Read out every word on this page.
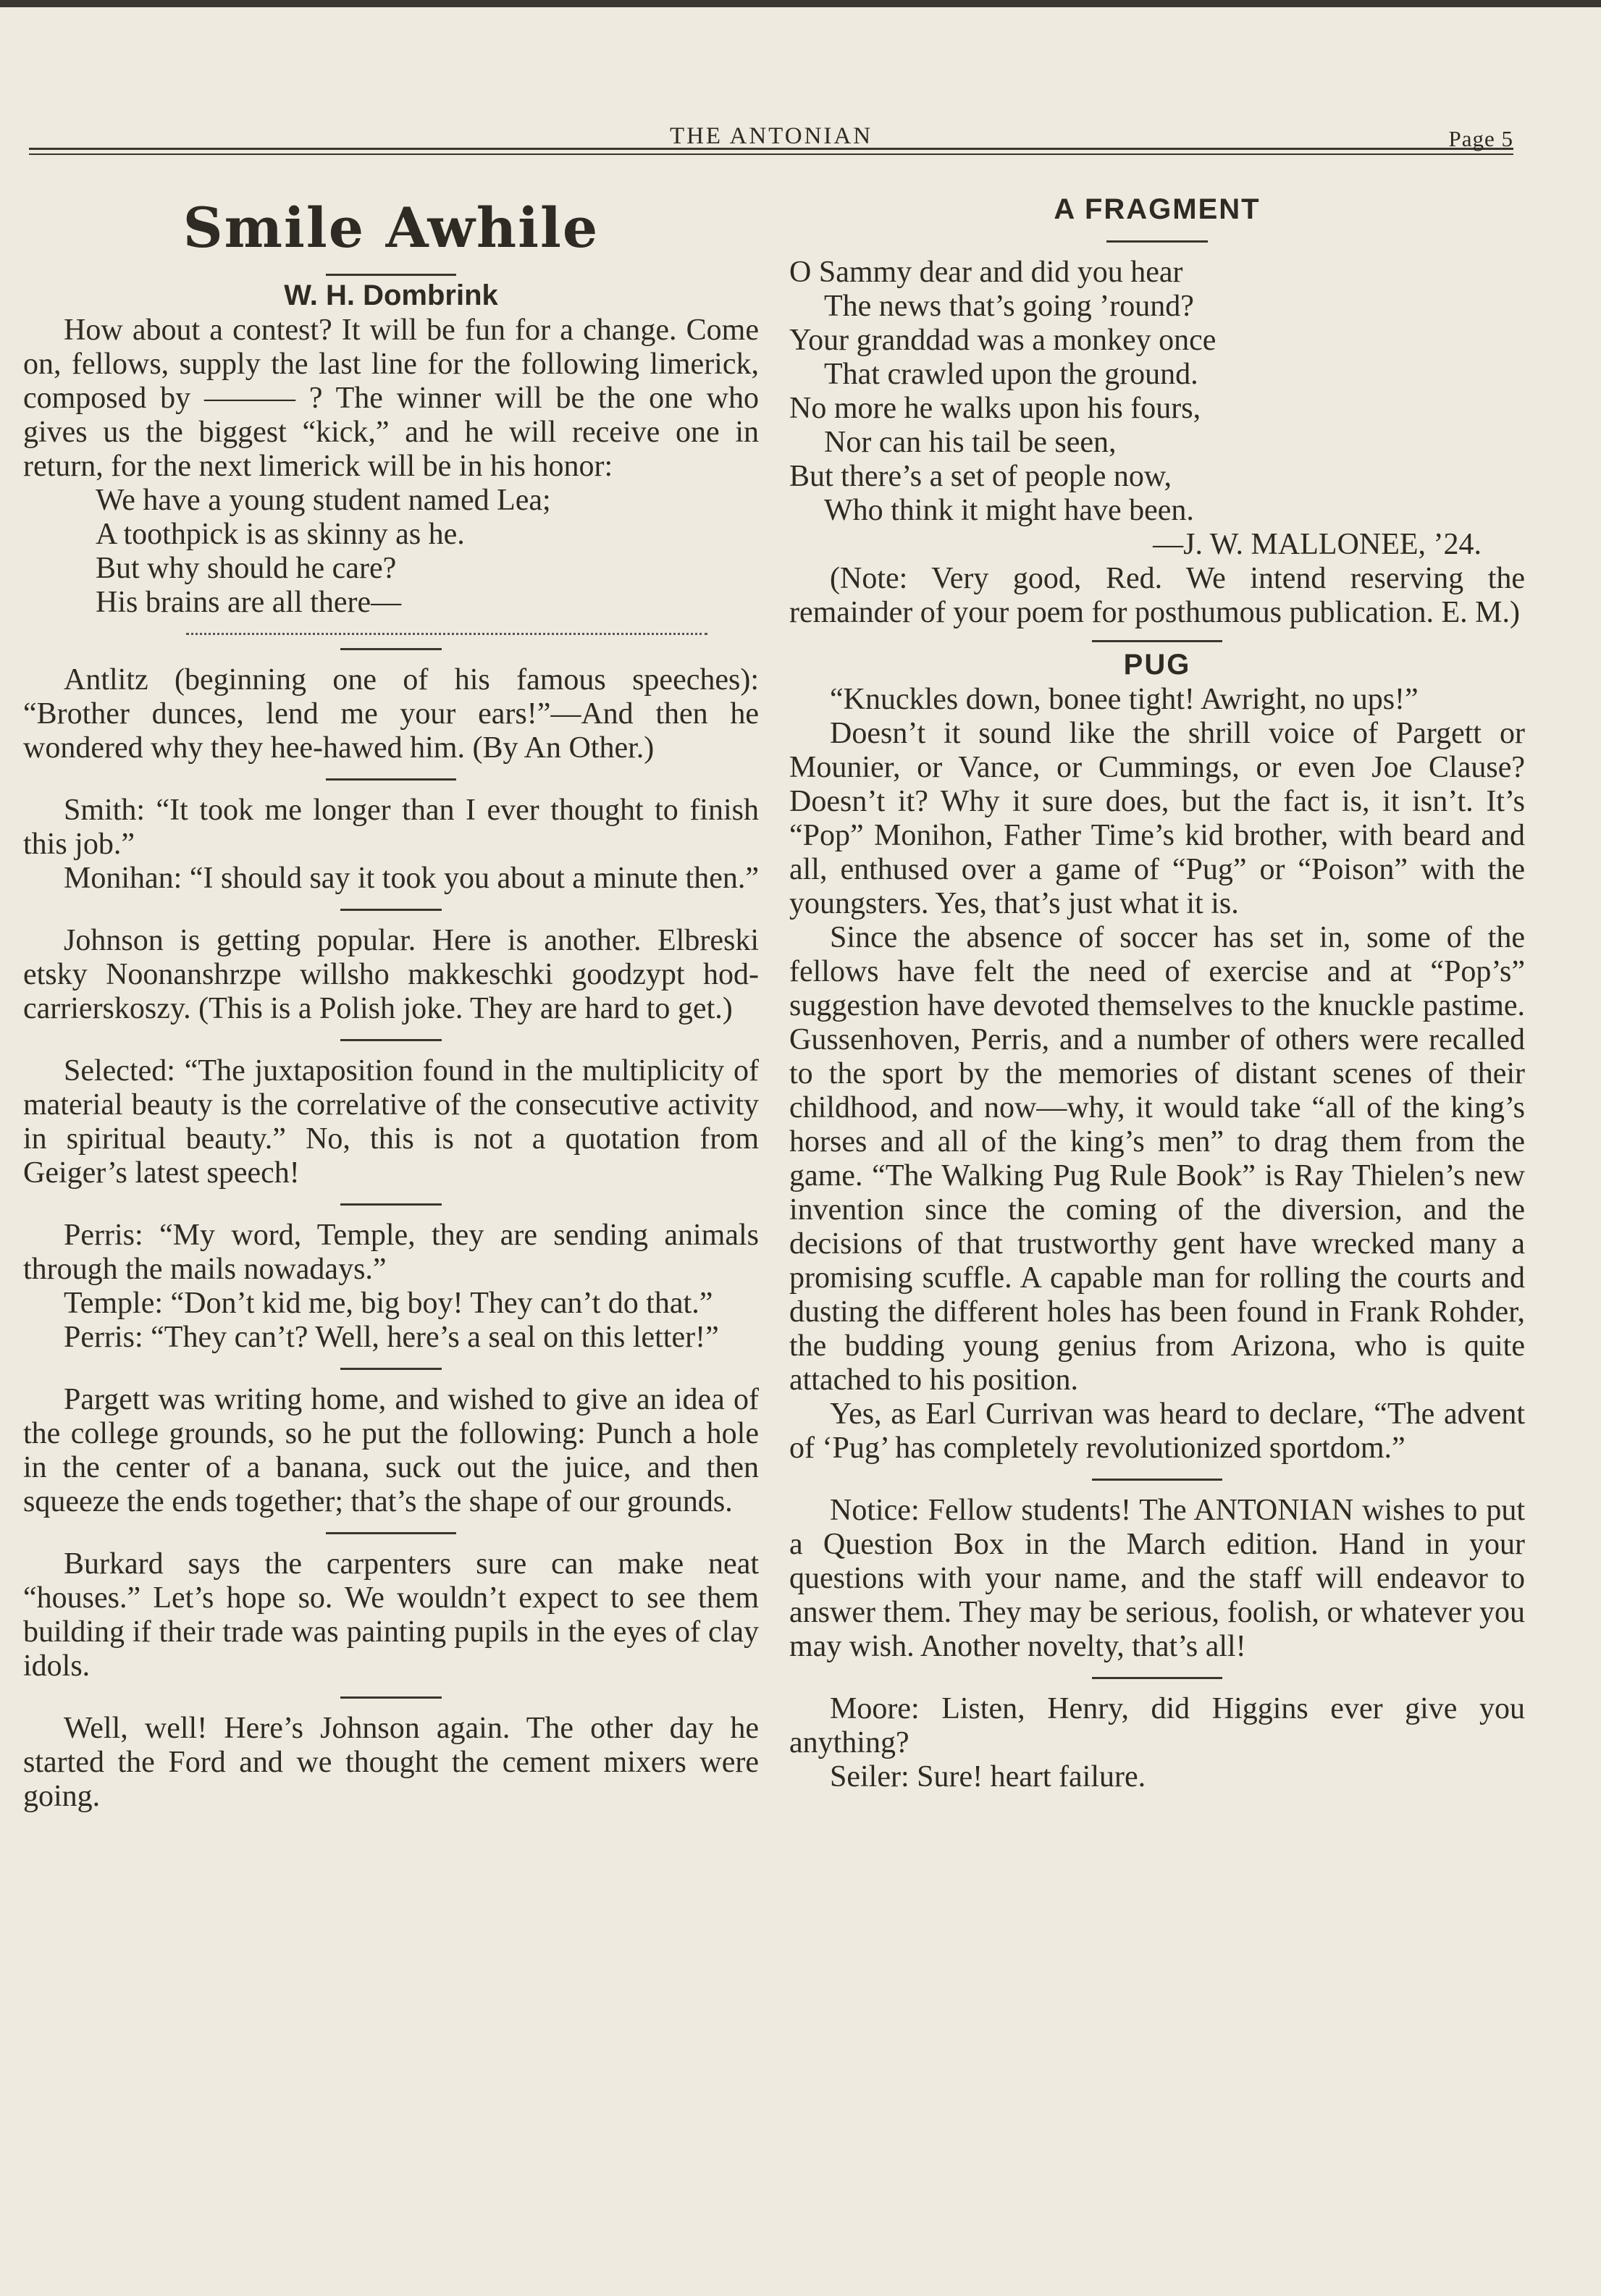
THE ANTONIAN	Page 5
Smile Awhile
W. H. Dombrink

How about a contest? It will be fun for a change. Come on, fellows, supply the last line for the following limerick, composed by ——— ? The winner will be the one who gives us the biggest “kick,” and he will receive one in return, for the next limerick will be in his honor:

We have a young student named Lea;

A toothpick is as skinny as he.

But why should he care?

His brains are all there—

Antlitz (beginning one of his famous speeches): “Brother dunces, lend me your ears!”—And then he wondered why they hee-hawed him. (By An Other.)

Smith: “It took me longer than I ever thought to finish this job.”

Monihan: “I should say it took you about a minute then.”

Johnson is getting popular. Here is another. Elbreski etsky Noonanshrzpe willsho makkeschki goodzypt hod-carrierskoszy. (This is a Polish joke. They are hard to get.)

Selected: “The juxtaposition found in the multiplicity of material beauty is the correlative of the consecutive activity in spiritual beauty.” No, this is not a quotation from Geiger’s latest speech!

Perris: “My word, Temple, they are sending animals through the mails nowadays.”

Temple: “Don’t kid me, big boy! They can’t do that.”

Perris: “They can’t? Well, here’s a seal on this letter!”

Pargett was writing home, and wished to give an idea of the college grounds, so he put the following: Punch a hole in the center of a banana, suck out the juice, and then squeeze the ends together; that’s the shape of our grounds.

Burkard says the carpenters sure can make neat “houses.” Let’s hope so. We wouldn’t expect to see them building if their trade was painting pupils in the eyes of clay idols.

Well, well! Here’s Johnson again. The other day he started the Ford and we thought the cement mixers were going.

A FRAGMENT

O Sammy dear and did you hear

The news that’s going ’round?

Your granddad was a monkey once

That crawled upon the ground.

No more he walks upon his fours,

Nor can his tail be seen,

But there’s a set of people now,

Who think it might have been.

—J. W. MALLONEE, ’24.

(Note: Very good, Red. We intend reserving the remainder of your poem for posthumous publication. E. M.)

PUG

“Knuckles down, bonee tight! Awright, no ups!”

Doesn’t it sound like the shrill voice of Pargett or Mounier, or Vance, or Cummings, or even Joe Clause? Doesn’t it? Why it sure does, but the fact is, it isn’t. It’s “Pop” Monihon, Father Time’s kid brother, with beard and all, enthused over a game of “Pug” or “Poison” with the youngsters. Yes, that’s just what it is.

Since the absence of soccer has set in, some of the fellows have felt the need of exercise and at “Pop’s” suggestion have devoted themselves to the knuckle pastime. Gussenhoven, Perris, and a number of others were recalled to the sport by the memories of distant scenes of their childhood, and now—why, it would take “all of the king’s horses and all of the king’s men” to drag them from the game. “The Walking Pug Rule Book” is Ray Thielen’s new invention since the coming of the diversion, and the decisions of that trustworthy gent have wrecked many a promising scuffle. A capable man for rolling the courts and dusting the different holes has been found in Frank Rohder, the budding young genius from Arizona, who is quite attached to his position.

Yes, as Earl Currivan was heard to declare, “The advent of ‘Pug’ has completely revolutionized sportdom.”

Notice: Fellow students! The ANTONIAN wishes to put a Question Box in the March edition. Hand in your questions with your name, and the staff will endeavor to answer them. They may be serious, foolish, or whatever you may wish. Another novelty, that’s all!

Moore: Listen, Henry, did Higgins ever give you anything?

Seiler: Sure! heart failure.
